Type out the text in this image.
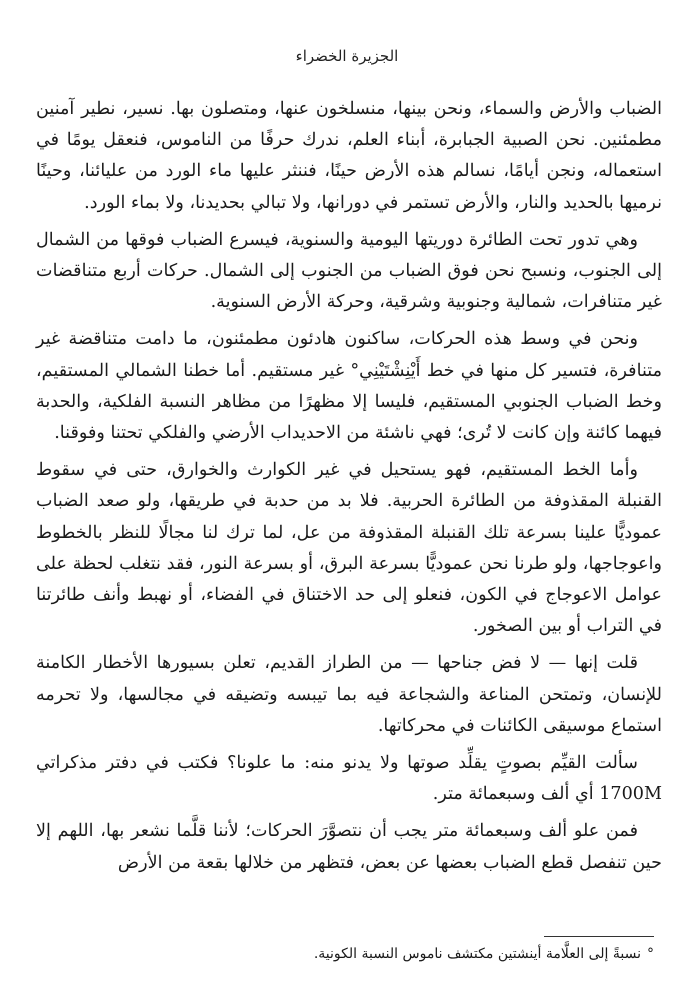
الجزيرة الخضراء

الضباب والأرض والسماء، ونحن بينها، منسلخون عنها، ومتصلون بها. نسير، نطير آمنين مطمئنين. نحن الصبية الجبابرة، أبناء العلم، ندرك حرفًا من الناموس، فنعقل يومًا في استعماله، ونجن أيامًا، نسالم هذه الأرض حينًا، فننثر عليها ماء الورد من عليائنا، وحينًا نرميها بالحديد والنار، والأرض تستمر في دورانها، ولا تبالي بحديدنا، ولا بماء الورد.

وهي تدور تحت الطائرة دوريتها اليومية والسنوية، فيسرع الضباب فوقها من الشمال إلى الجنوب، ونسبح نحن فوق الضباب من الجنوب إلى الشمال. حركات أربع متناقضات غير متنافرات، شمالية وجنوبية وشرقية، وحركة الأرض السنوية.

ونحن في وسط هذه الحركات، ساكنون هادئون مطمئنون، ما دامت متناقضة غير متنافرة، فتسير كل منها في خط أَيْنِشْتَيْنِي° غير مستقيم. أما خطنا الشمالي المستقيم، وخط الضباب الجنوبي المستقيم، فليسا إلا مظهرًا من مظاهر النسبة الفلكية، والحدبة فيهما كائنة وإن كانت لا تُرى؛ فهي ناشئة من الاحديداب الأرضي والفلكي تحتنا وفوقنا.

وأما الخط المستقيم، فهو يستحيل في غير الكوارث والخوارق، حتى في سقوط القنبلة المقذوفة من الطائرة الحربية. فلا بد من حدبة في طريقها، ولو صعد الضباب عموديًّا علينا بسرعة تلك القنبلة المقذوفة من عل، لما ترك لنا مجالًا للنظر بالخطوط واعوجاجها، ولو طرنا نحن عموديًّا بسرعة البرق، أو بسرعة النور، فقد نتغلب لحظة على عوامل الاعوجاج في الكون، فنعلو إلى حد الاختناق في الفضاء، أو نهبط وأنف طائرتنا في التراب أو بين الصخور.

قلت إنها — لا فض جناحها — من الطراز القديم، تعلن بسيورها الأخطار الكامنة للإنسان، وتمتحن المناعة والشجاعة فيه بما تيبسه وتضيقه في مجالسها، ولا تحرمه استماع موسيقى الكائنات في محركاتها.

سألت القيِّم بصوتٍ يقلِّد صوتها ولا يدنو منه: ما علونا؟ فكتب في دفتر مذكراتي 1700M أي ألف وسبعمائة متر.

فمن علو ألف وسبعمائة متر يجب أن نتصوَّرَ الحركات؛ لأننا قلَّما نشعر بها، اللهم إلا حين تنفصل قطع الضباب بعضها عن بعض، فتظهر من خلالها بقعة من الأرض

°نسبةً إلى العلَّامة أينشتين مكتشف ناموس النسبة الكونية.
